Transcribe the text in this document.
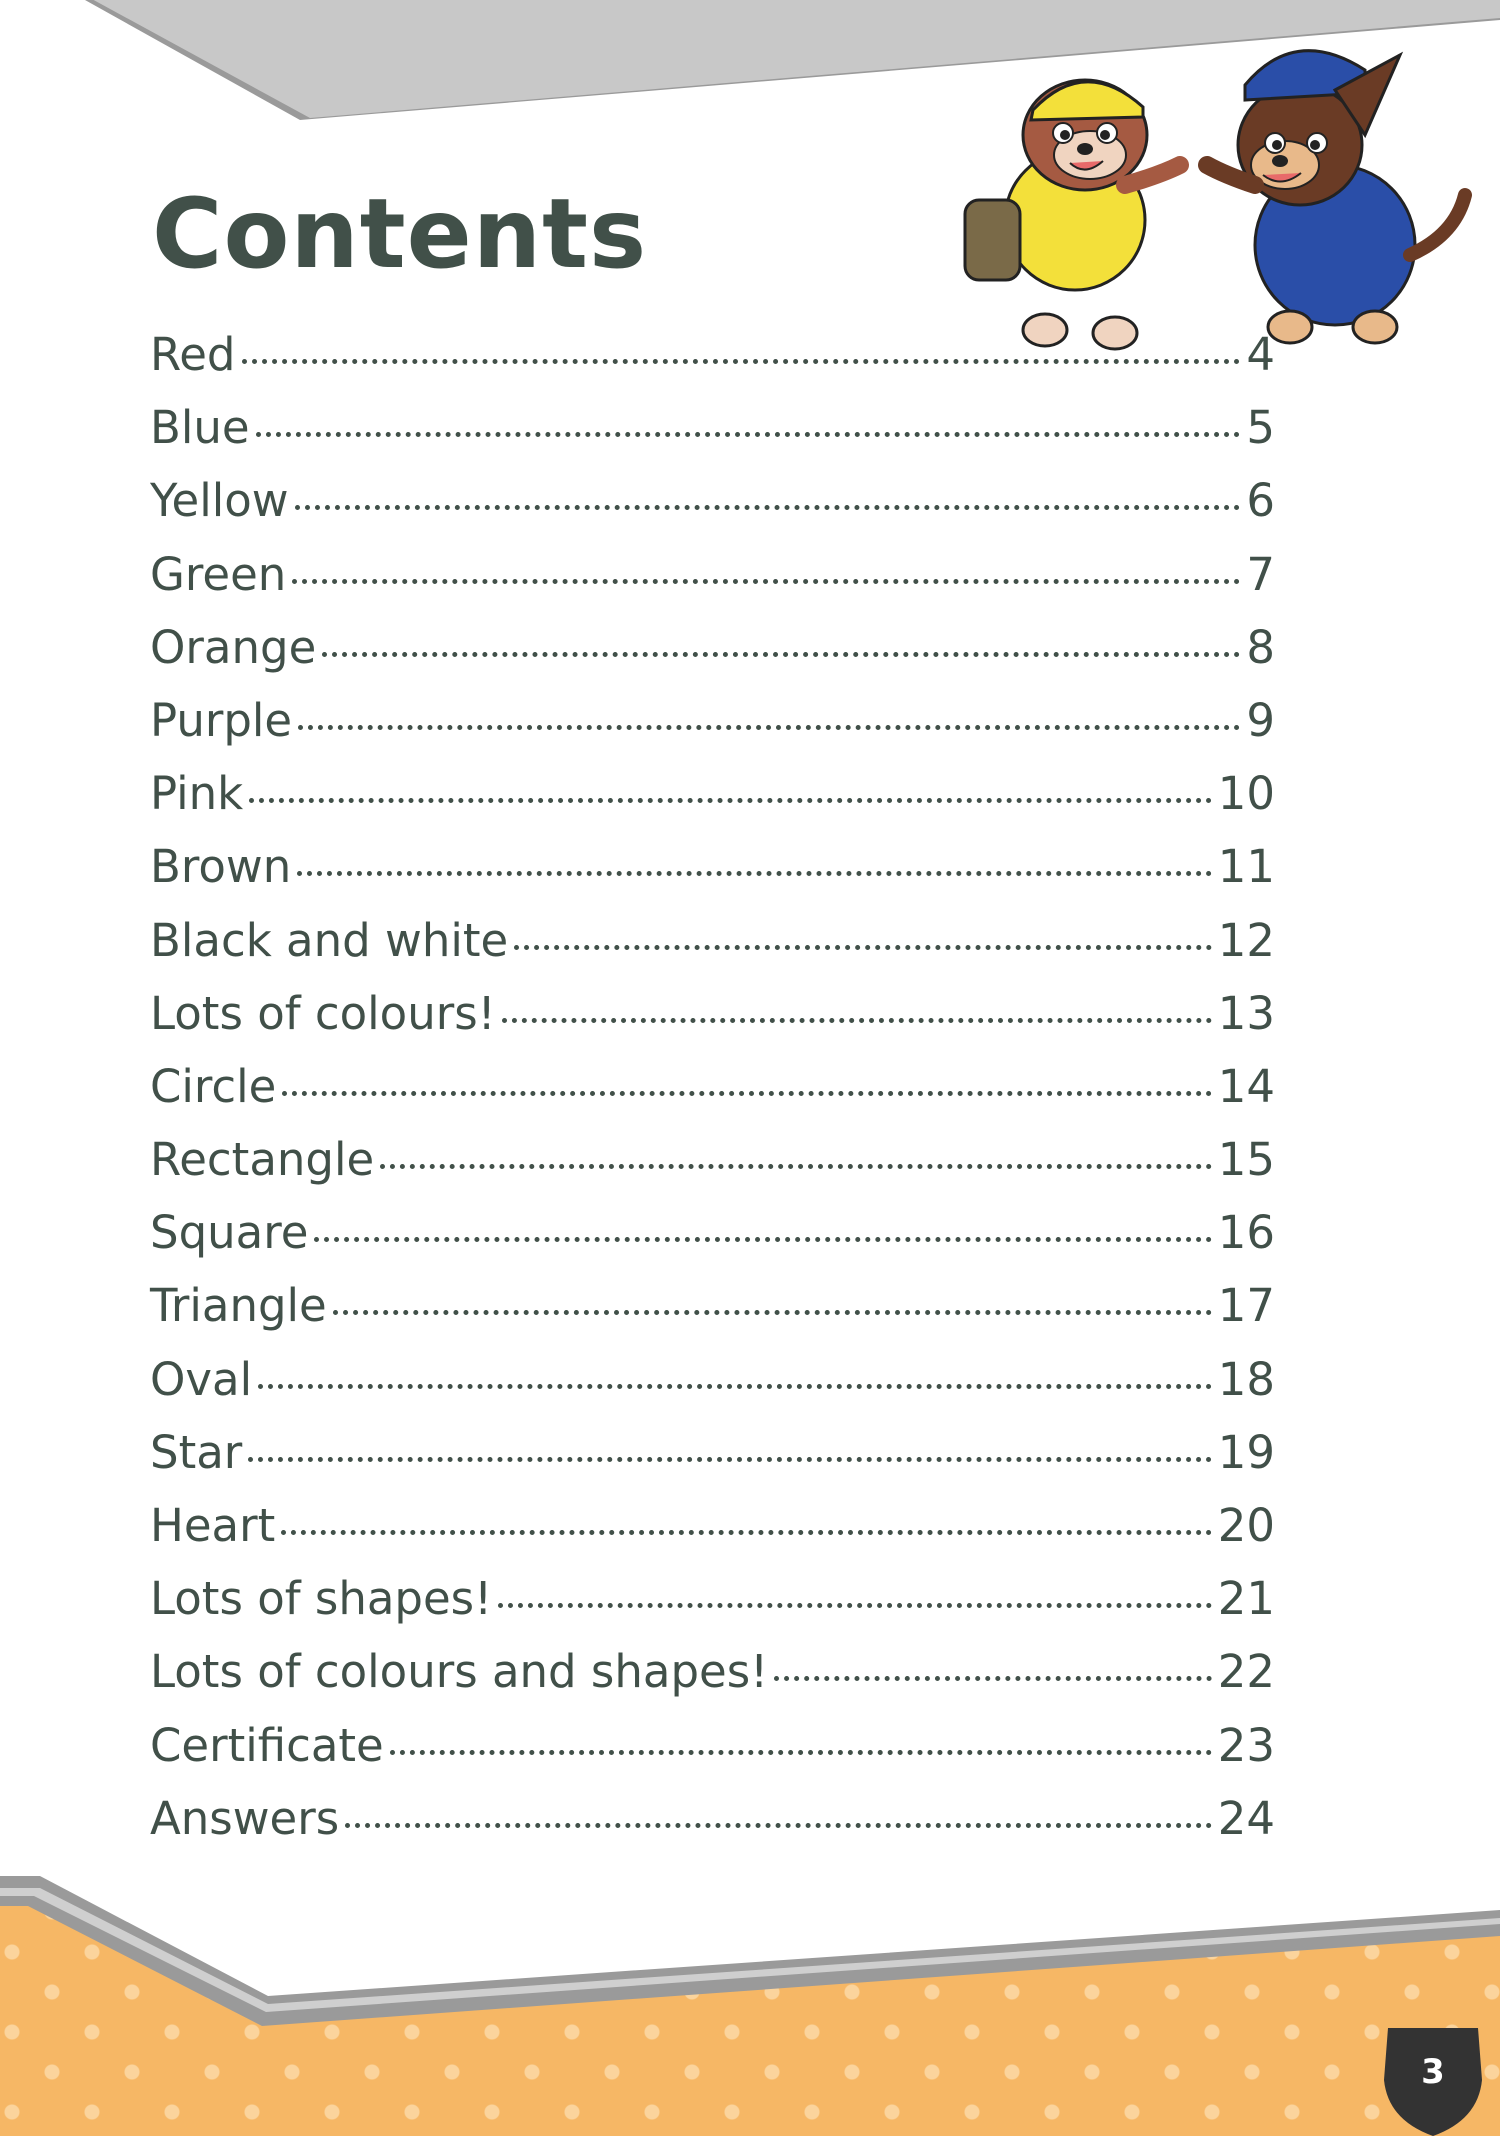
Contents
Red	4
Blue	5
Yellow	6
Green	7
Orange	8
Purple	9
Pink	10
Brown	11
Black and white	12
Lots of colours!	13
Circle	14
Rectangle	15
Square	16
Triangle	17
Oval	18
Star	19
Heart	20
Lots of shapes!	21
Lots of colours and shapes!	22
Certificate	23
Answers	24
3
